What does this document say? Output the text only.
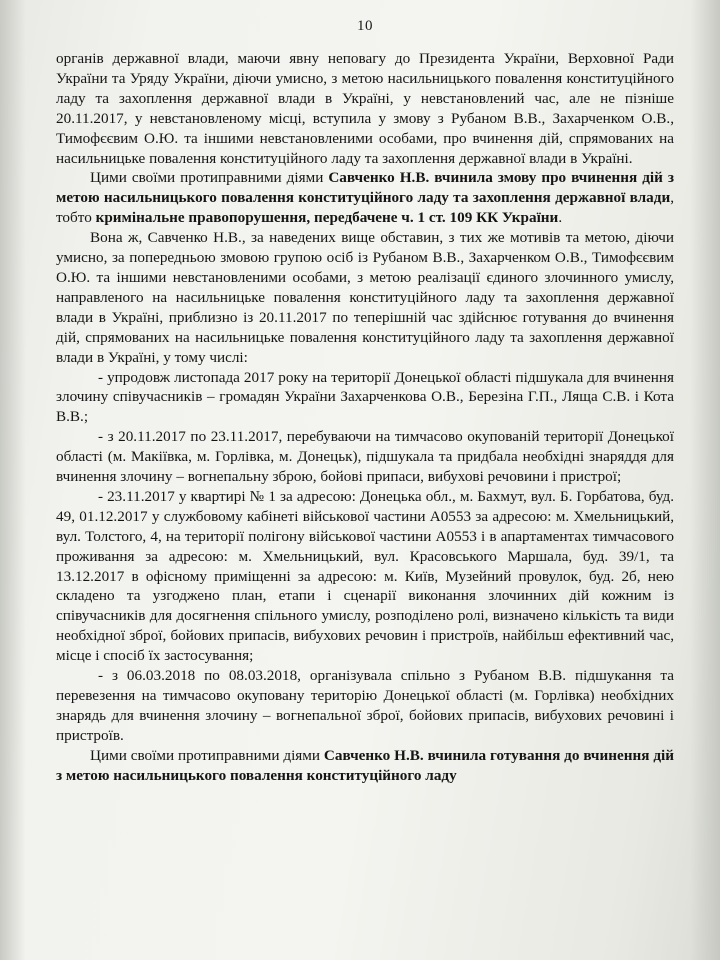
10

органів державної влади, маючи явну неповагу до Президента України, Верховної Ради України та Уряду України, діючи умисно, з метою насильницького повалення конституційного ладу та захоплення державної влади в Україні, у невстановлений час, але не пізніше 20.11.2017, у невстановленому місці, вступила у змову з Рубаном В.В., Захарченком О.В., Тимофєєвим О.Ю. та іншими невстановленими особами, про вчинення дій, спрямованих на насильницьке повалення конституційного ладу та захоплення державної влади в Україні.

Цими своїми протиправними діями Савченко Н.В. вчинила змову про вчинення дій з метою насильницького повалення конституційного ладу та захоплення державної влади, тобто кримінальне правопорушення, передбачене ч. 1 ст. 109 КК України.

Вона ж, Савченко Н.В., за наведених вище обставин, з тих же мотивів та метою, діючи умисно, за попередньою змовою групою осіб із Рубаном В.В., Захарченком О.В., Тимофєєвим О.Ю. та іншими невстановленими особами, з метою реалізації єдиного злочинного умислу, направленого на насильницьке повалення конституційного ладу та захоплення державної влади в Україні, приблизно із 20.11.2017 по теперішній час здійснює готування до вчинення дій, спрямованих на насильницьке повалення конституційного ладу та захоплення державної влади в Україні, у тому числі:

- упродовж листопада 2017 року на території Донецької області підшукала для вчинення злочину співучасників – громадян України Захарченкова О.В., Березіна Г.П., Ляща С.В. і Кота В.В.;

- з 20.11.2017 по 23.11.2017, перебуваючи на тимчасово окупованій території Донецької області (м. Макіївка, м. Горлівка, м. Донецьк), підшукала та придбала необхідні знаряддя для вчинення злочину – вогнепальну зброю, бойові припаси, вибухові речовини і пристрої;

- 23.11.2017 у квартирі № 1 за адресою: Донецька обл., м. Бахмут, вул. Б. Горбатова, буд. 49, 01.12.2017 у службовому кабінеті військової частини А0553 за адресою: м. Хмельницький, вул. Толстого, 4, на території полігону військової частини А0553 і в апартаментах тимчасового проживання за адресою: м. Хмельницький, вул. Красовського Маршала, буд. 39/1, та 13.12.2017 в офісному приміщенні за адресою: м. Київ, Музейний провулок, буд. 2б, нею складено та узгоджено план, етапи і сценарії виконання злочинних дій кожним із співучасників для досягнення спільного умислу, розподілено ролі, визначено кількість та види необхідної зброї, бойових припасів, вибухових речовин і пристроїв, найбільш ефективний час, місце і спосіб їх застосування;

- з 06.03.2018 по 08.03.2018, організувала спільно з Рубаном В.В. підшукання та перевезення на тимчасово окуповану територію Донецької області (м. Горлівка) необхідних знарядь для вчинення злочину – вогнепальної зброї, бойових припасів, вибухових речовині і пристроїв.

Цими своїми протиправними діями Савченко Н.В. вчинила готування до вчинення дій з метою насильницького повалення конституційного ладу
